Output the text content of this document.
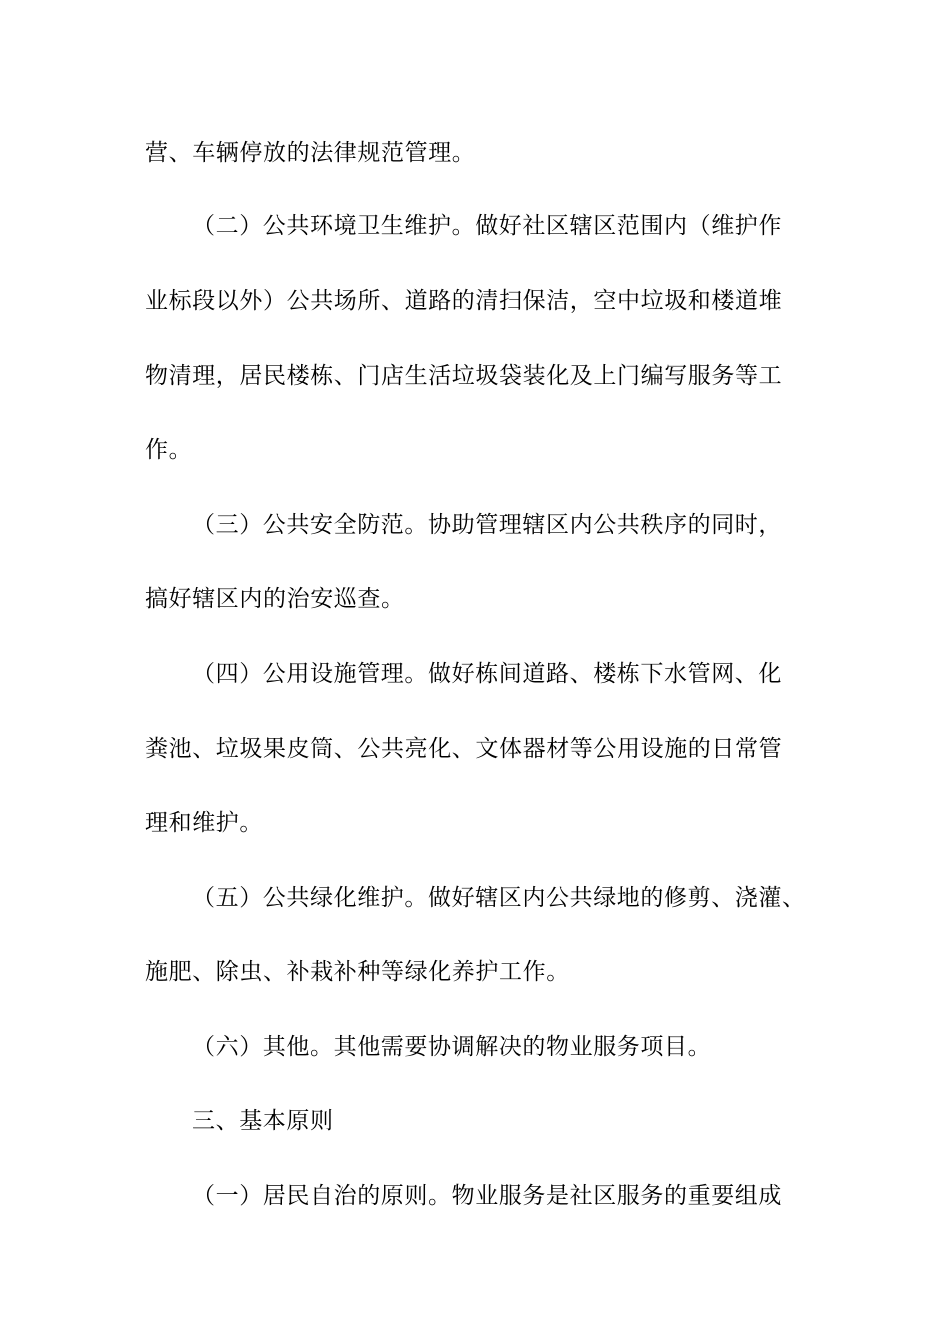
营、车辆停放的法律规范管理。
（二）公共环境卫生维护。做好社区辖区范围内（维护作
业标段以外）公共场所、道路的清扫保洁，空中垃圾和楼道堆
物清理，居民楼栋、门店生活垃圾袋装化及上门编写服务等工
作。
（三）公共安全防范。协助管理辖区内公共秩序的同时，
搞好辖区内的治安巡查。
（四）公用设施管理。做好栋间道路、楼栋下水管网、化
粪池、垃圾果皮筒、公共亮化、文体器材等公用设施的日常管
理和维护。
（五）公共绿化维护。做好辖区内公共绿地的修剪、浇灌、
施肥、除虫、补栽补种等绿化养护工作。
（六）其他。其他需要协调解决的物业服务项目。
三、基本原则
（一）居民自治的原则。物业服务是社区服务的重要组成
